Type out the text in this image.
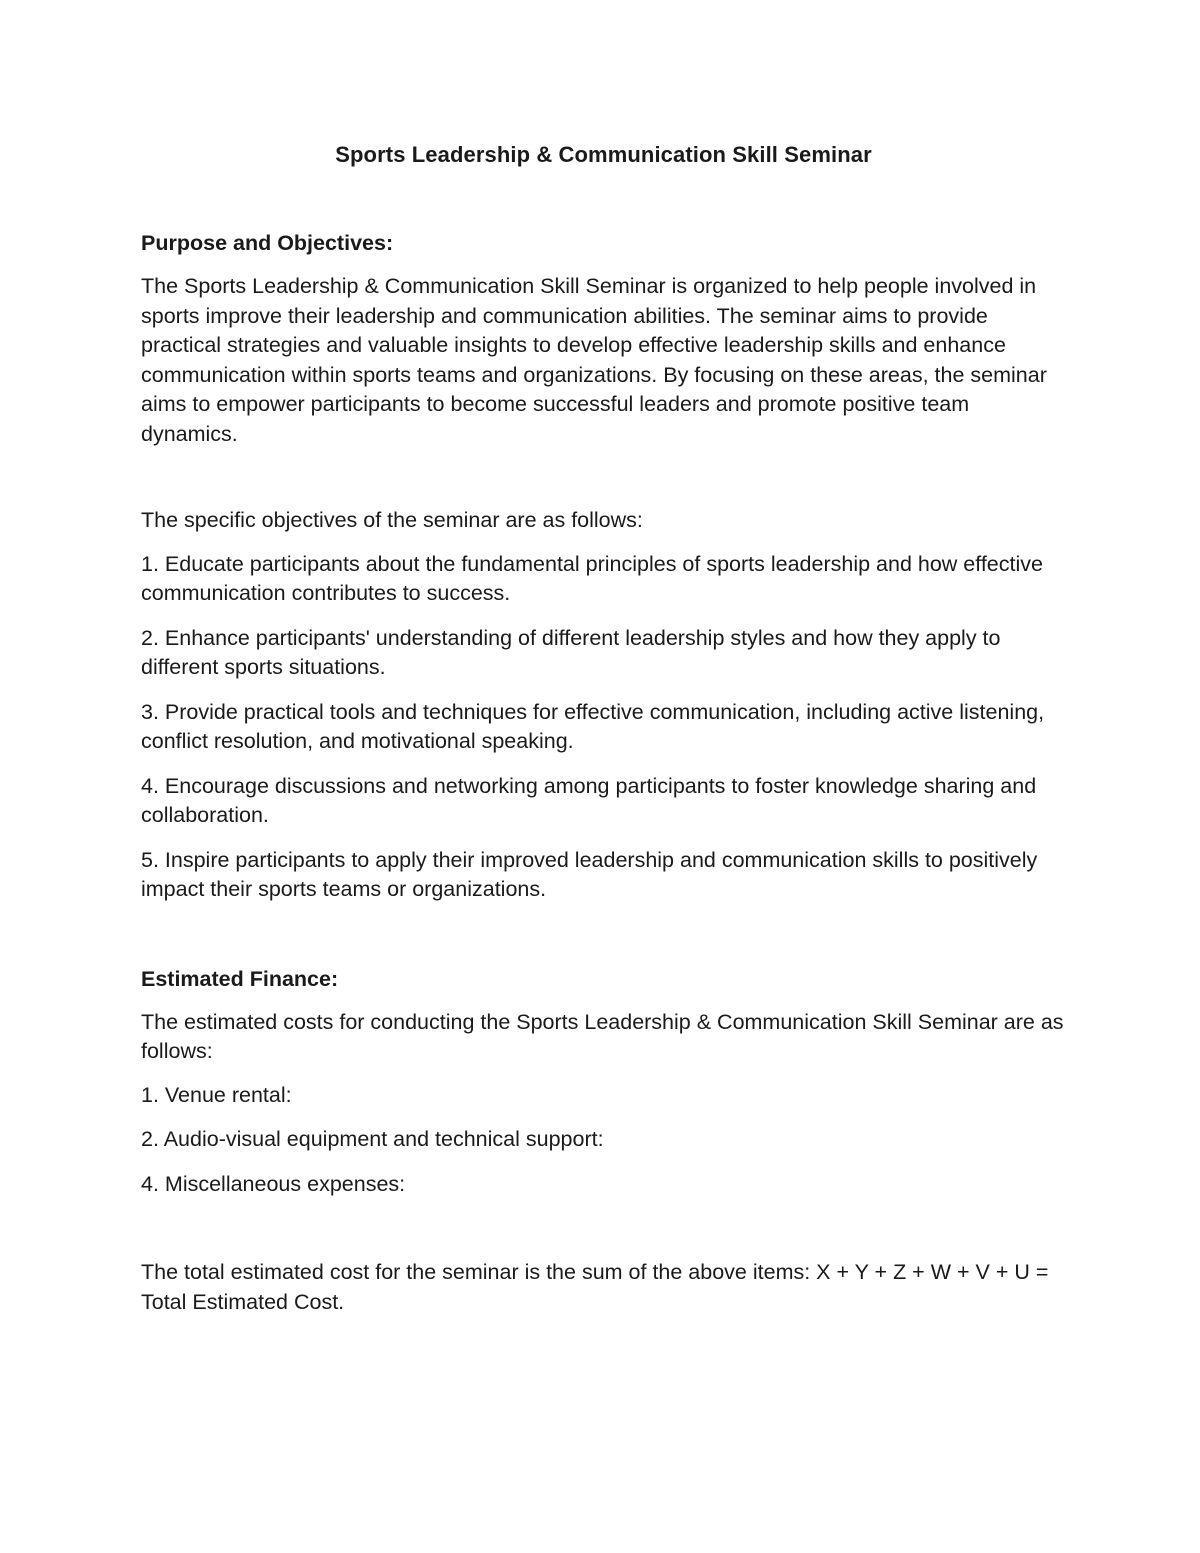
Sports Leadership & Communication Skill Seminar
Purpose and Objectives:

The Sports Leadership & Communication Skill Seminar is organized to help people involved in sports improve their leadership and communication abilities. The seminar aims to provide practical strategies and valuable insights to develop effective leadership skills and enhance communication within sports teams and organizations. By focusing on these areas, the seminar aims to empower participants to become successful leaders and promote positive team dynamics.

The specific objectives of the seminar are as follows:

1. Educate participants about the fundamental principles of sports leadership and how effective communication contributes to success.
2. Enhance participants' understanding of different leadership styles and how they apply to different sports situations.
3. Provide practical tools and techniques for effective communication, including active listening, conflict resolution, and motivational speaking.
4. Encourage discussions and networking among participants to foster knowledge sharing and collaboration.
5. Inspire participants to apply their improved leadership and communication skills to positively impact their sports teams or organizations.
Estimated Finance:

The estimated costs for conducting the Sports Leadership & Communication Skill Seminar are as follows:

1. Venue rental:
2. Audio-visual equipment and technical support:
4. Miscellaneous expenses:

The total estimated cost for the seminar is the sum of the above items: X + Y + Z + W + V + U = Total Estimated Cost.
